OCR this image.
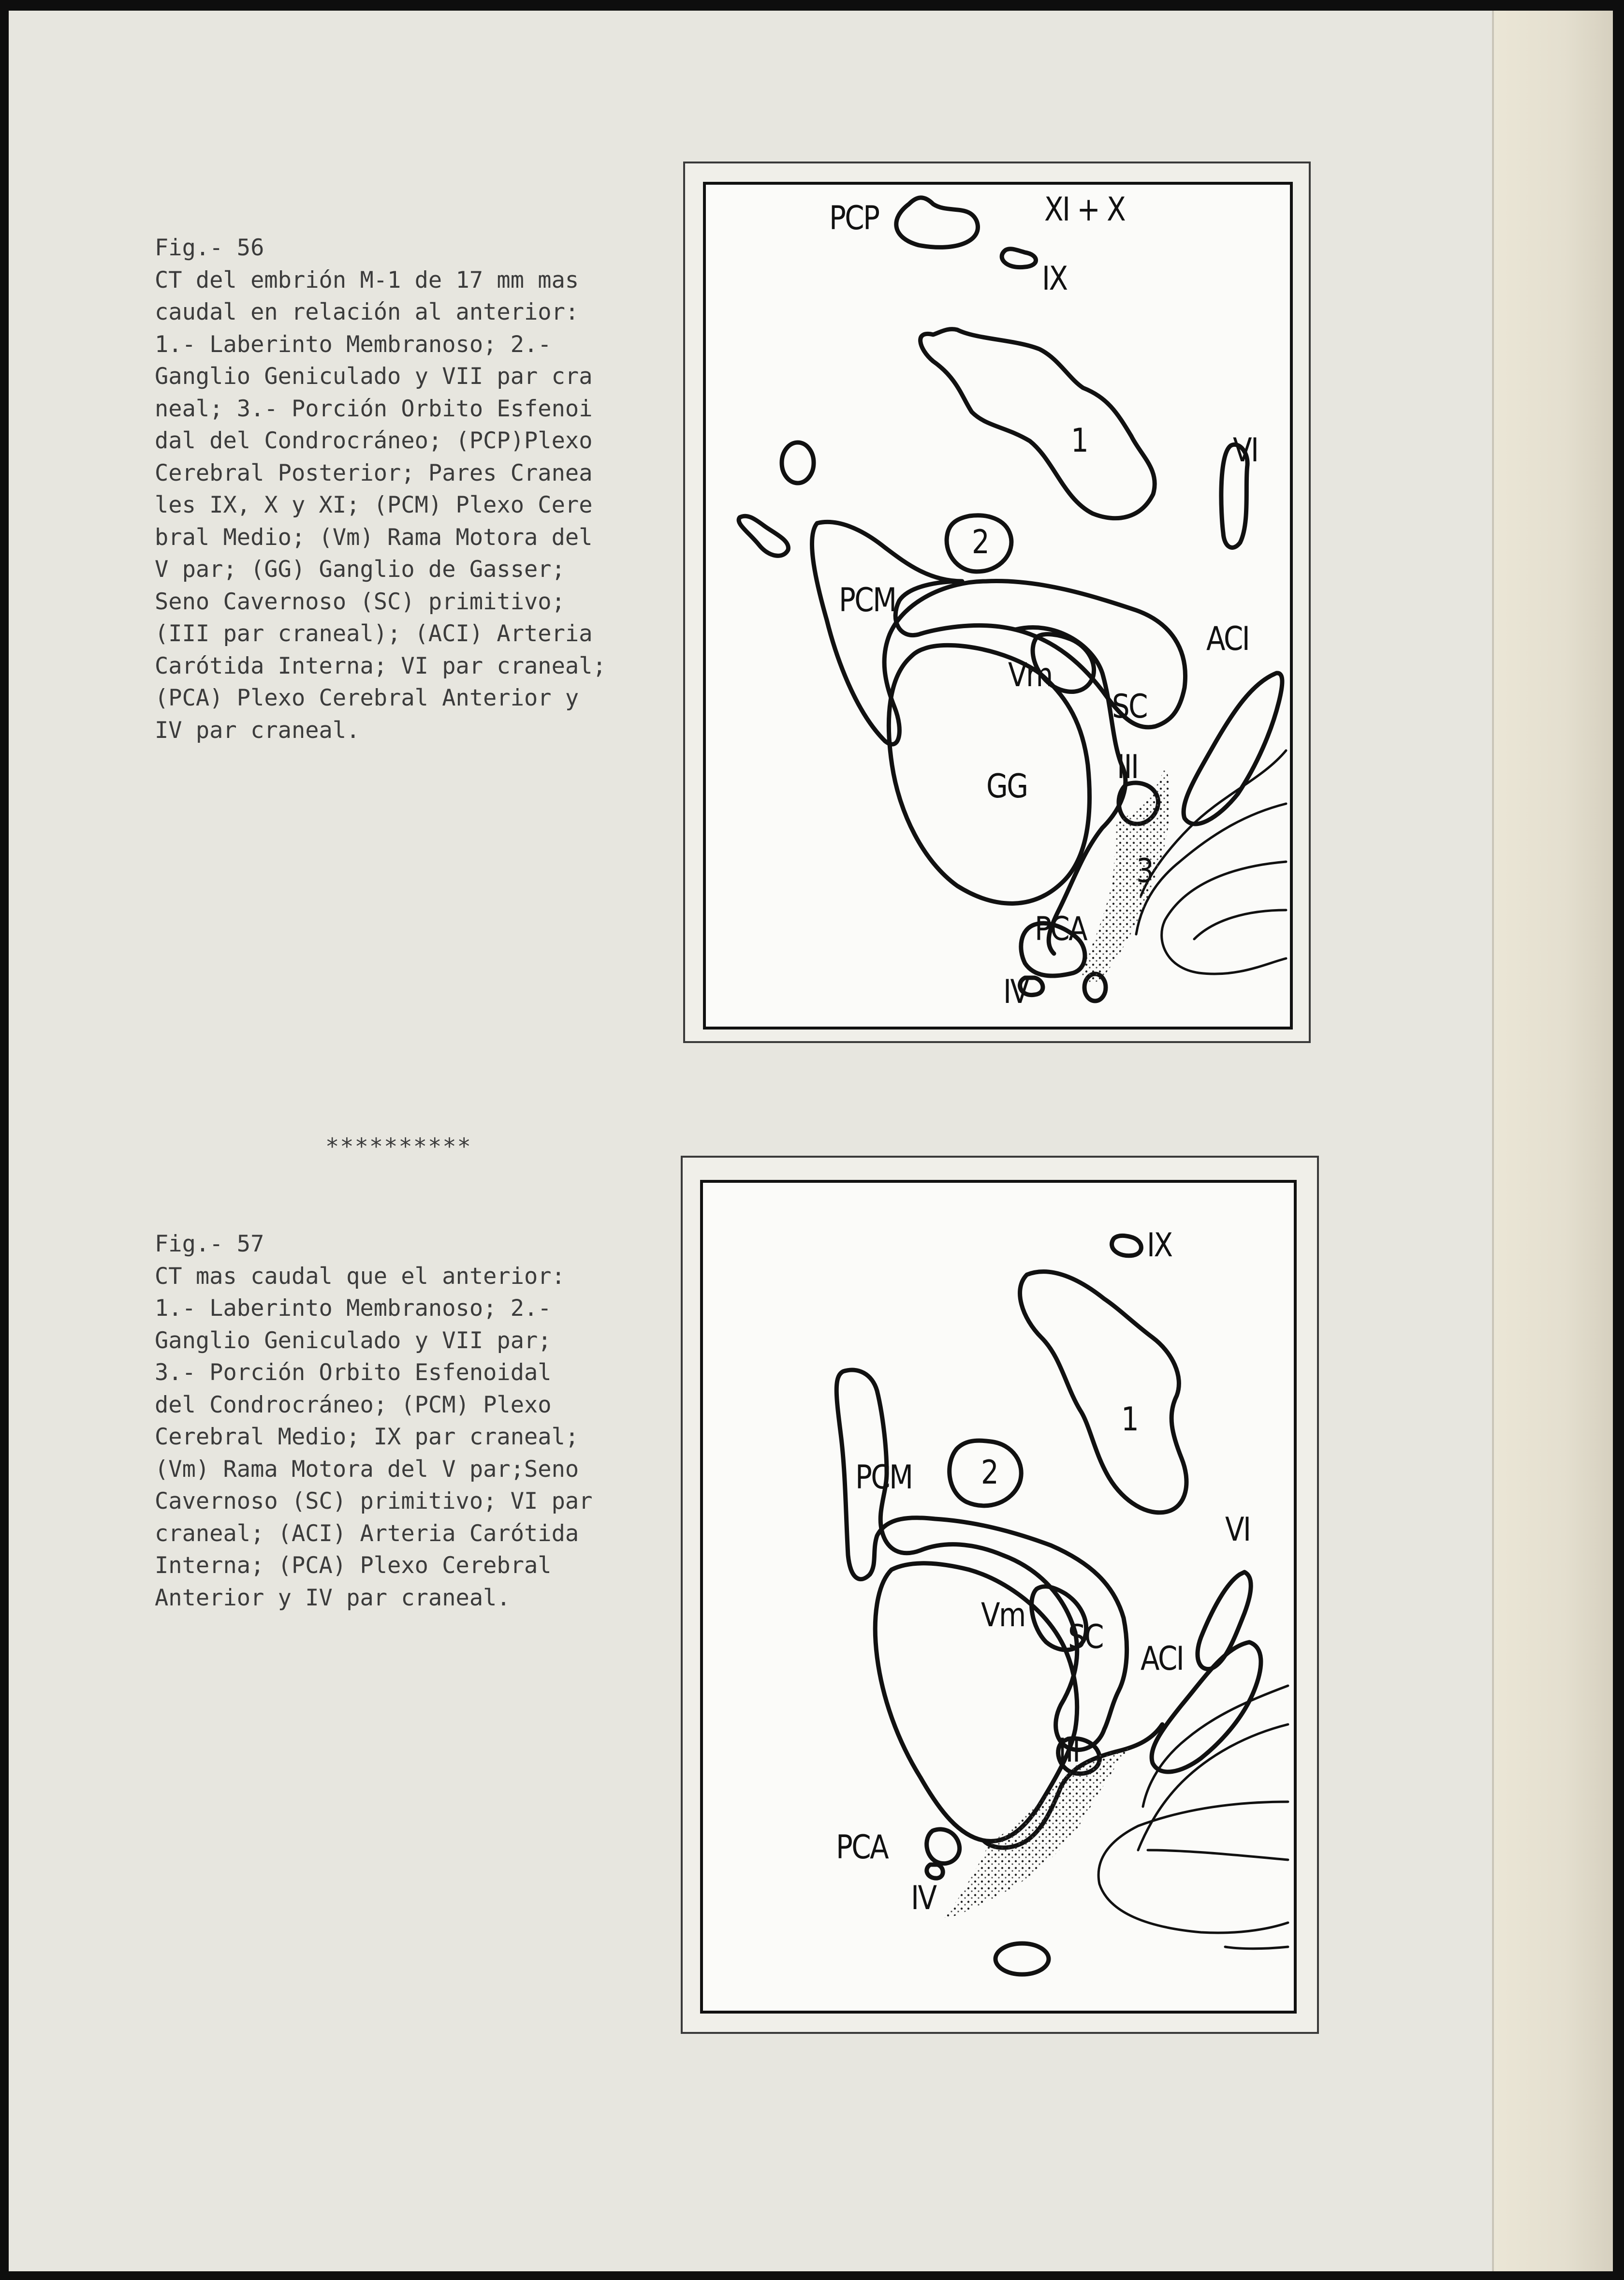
Fig.- 56
CT del embrión M-1 de 17 mm mas
caudal en relación al anterior:
1.- Laberinto Membranoso; 2.-
Ganglio Geniculado y VII par cra
neal; 3.- Porción Orbito Esfenoi
dal del Condrocráneo; (PCP)Plexo
Cerebral Posterior; Pares Cranea
les IX, X y XI; (PCM) Plexo Cere
bral Medio; (Vm) Rama Motora del
V par; (GG) Ganglio de Gasser;
Seno Cavernoso (SC) primitivo;
(III par craneal); (ACI) Arteria
Carótida Interna; VI par craneal;
(PCA) Plexo Cerebral Anterior y
IV par craneal.

PCP	XI + X
IX
1	VI
2
PCM
ACI
Vm
SC
GG
III
3
PCA
IV
**********

Fig.- 57
CT mas caudal que el anterior:
1.- Laberinto Membranoso; 2.-
Ganglio Geniculado y VII par;
3.- Porción Orbito Esfenoidal
del Condrocráneo; (PCM) Plexo
Cerebral Medio; IX par craneal;
(Vm) Rama Motora del V par;Seno
Cavernoso (SC) primitivo; VI par
craneal; (ACI) Arteria Carótida
Interna; (PCA) Plexo Cerebral
Anterior y IV par craneal.

IX
1
PCM 2
VI
Vm
SC
ACI
III
PCA
IV
